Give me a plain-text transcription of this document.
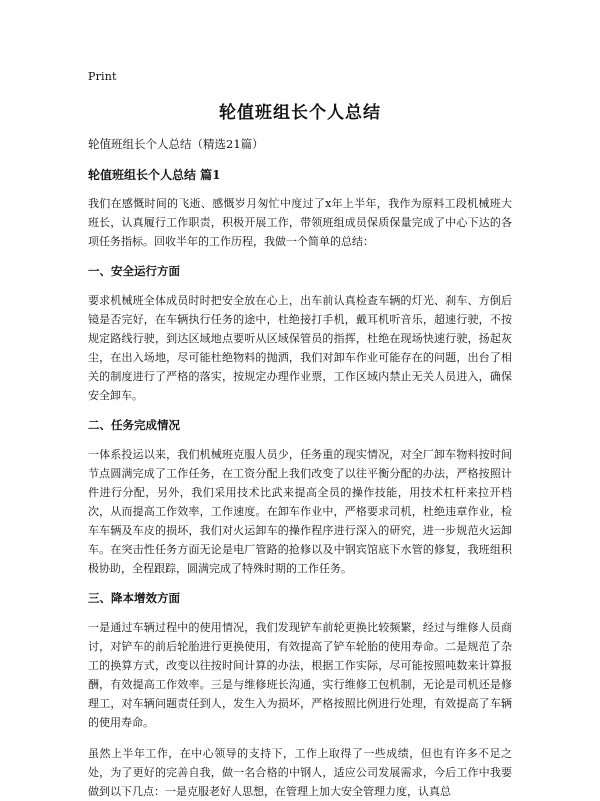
Print
轮值班组长个人总结
轮值班组长个人总结（精选21篇）
轮值班组长个人总结 篇1

我们在感慨时间的飞逝、感慨岁月匆忙中度过了x年上半年，我作为原料工段机械班大班长，认真履行工作职责，积极开展工作，带领班组成员保质保量完成了中心下达的各项任务指标。回收半年的工作历程，我做一个简单的总结：

一、安全运行方面

要求机械班全体成员时时把安全放在心上，出车前认真检查车辆的灯光、刹车、方倒后镜是否完好，在车辆执行任务的途中，杜绝接打手机，戴耳机听音乐，超速行驶，不按规定路线行驶，到达区域地点要听从区域保管员的指挥，杜绝在现场快速行驶，扬起灰尘，在出入场地，尽可能杜绝物料的抛洒，我们对卸车作业可能存在的问题，出台了相关的制度进行了严格的落实，按规定办理作业票，工作区域内禁止无关人员进入，确保安全卸车。

二、任务完成情况

一体系投运以来，我们机械班克服人员少，任务重的现实情况，对全厂卸车物料按时间节点圆满完成了工作任务，在工资分配上我们改变了以往平衡分配的办法，严格按照计件进行分配，另外，我们采用技术比武来提高全员的操作技能，用技术杠杆来拉开档次，从而提高工作效率，工作速度。在卸车作业中，严格要求司机，杜绝违章作业，检车车辆及车皮的损坏，我们对火运卸车的操作程序进行深入的研究，进一步规范火运卸车。在突击性任务方面无论是电厂管路的抢修以及中钢宾馆底下水管的修复，我班组积极协助，全程跟踪，圆满完成了特殊时期的工作任务。

三、降本增效方面

一是通过车辆过程中的使用情况，我们发现铲车前轮更换比较频繁，经过与维修人员商讨，对铲车的前后轮胎进行更换使用，有效提高了铲车轮胎的使用寿命。二是规范了杂工的换算方式，改变以往按时间计算的办法，根据工作实际，尽可能按照吨数来计算报酬，有效提高工作效率。三是与维修班长沟通，实行维修工包机制，无论是司机还是修理工，对车辆问题责任到人，发生入为损坏，严格按照比例进行处理，有效提高了车辆的使用寿命。

虽然上半年工作，在中心领导的支持下，工作上取得了一些成绩，但也有许多不足之处，为了更好的完善自我，做一名合格的中钢人，适应公司发展需求，今后工作中我要做到以下几点：一是克服老好人思想，在管理上加大安全管理力度，认真总
